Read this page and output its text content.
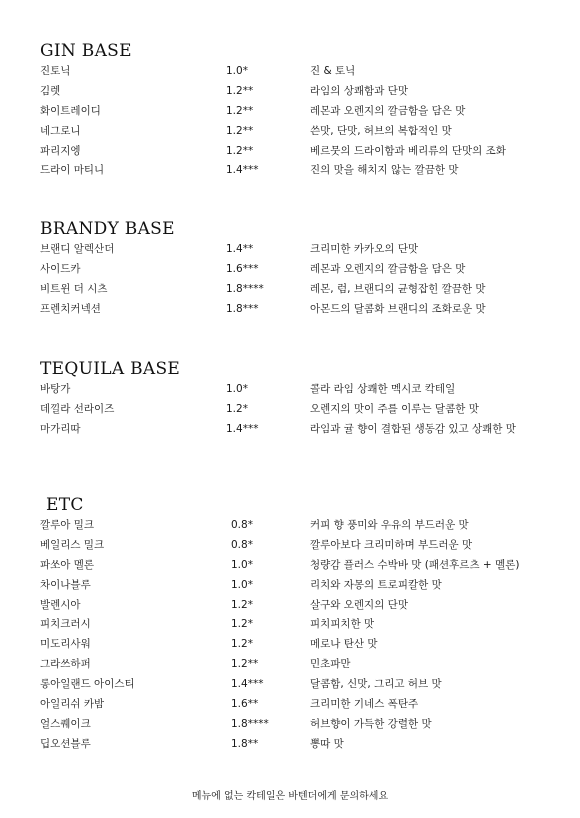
GIN BASE
진토닉	1.0*	진 & 토닉
김렛	1.2**	라임의 상쾌함과 단맛
화이트레이디	1.2**	레몬과 오렌지의 깔금함을 담은 맛
네그로니	1.2**	쓴맛, 단맛, 허브의 복합적인 맛
파리지엥	1.2**	베르뭇의 드라이함과 베리류의 단맛의 조화
드라이 마티니	1.4***	진의 맛을 해치지 않는 깔끔한 맛
BRANDY BASE
브랜디 알렉산더	1.4**	크리미한 카카오의 단맛
사이드카	1.6***	레몬과 오렌지의 깔금함을 담은 맛
비트윈 더 시츠	1.8****	레몬, 럼, 브랜디의 균형잡힌 깔끔한 맛
프렌치커넥션	1.8***	아몬드의 달콤화 브랜디의 조화로운 맛
TEQUILA BASE
바탕가	1.0*	콜라 라임 상쾌한 멕시코 칵테일
데낄라 선라이즈	1.2*	오렌지의 맛이 주를 이루는 달콤한 맛
마가리따	1.4***	라임과 귤 향이 결합된 생동감 있고 상쾌한 맛
ETC
깔루아 밀크	0.8*	커피 향 풍미와 우유의 부드러운 맛
베일리스 밀크	0.8*	깔루아보다 크리미하며 부드러운 맛
파쏘아 멜론	1.0*	청량감 플러스 수박바 맛 (패션후르츠 + 멜론)
차이나블루	1.0*	리치와 자몽의 트로피칼한 맛
발렌시아	1.2*	살구와 오렌지의 단맛
피치크러시	1.2*	피치피치한 맛
미도리사워	1.2*	메로나 탄산 맛
그라쓰하퍼	1.2**	민초파만
롱아일랜드 아이스티	1.4***	달콤함, 신맛, 그리고 허브 맛
아일리쉬 카밤	1.6**	크리미한 기네스 폭탄주
얼스퀘이크	1.8****	허브향이 가득한 강렬한 맛
딥오션블루	1.8**	뽕따 맛
메뉴에 없는 칵테일은 바텐더에게 문의하세요
